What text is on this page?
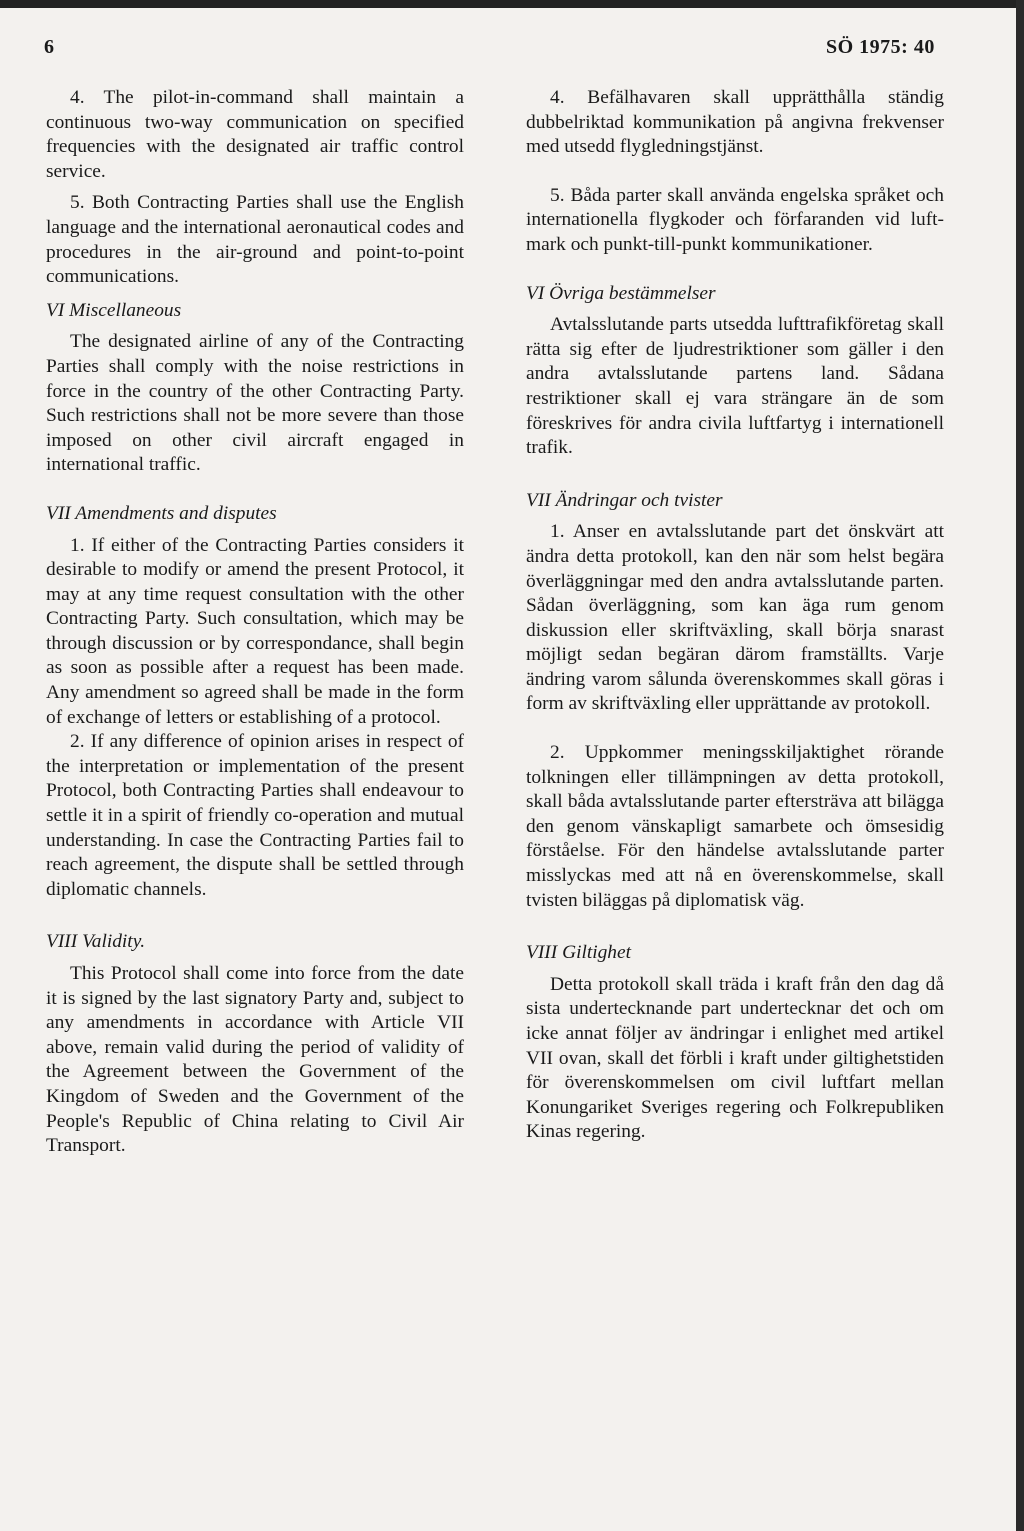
6	SÖ 1975: 40

4. The pilot-in-command shall maintain a continuous two-way communication on specified frequencies with the designated air traffic control service.

5. Both Contracting Parties shall use the English language and the international aeronautical codes and procedures in the air-ground and point-to-point communications.

VI Miscellaneous

The designated airline of any of the Contracting Parties shall comply with the noise restrictions in force in the country of the other Contracting Party. Such restrictions shall not be more severe than those imposed on other civil aircraft engaged in international traffic.

VII Amendments and disputes

1. If either of the Contracting Parties considers it desirable to modify or amend the present Protocol, it may at any time request consultation with the other Contracting Party. Such consultation, which may be through discussion or by correspondance, shall begin as soon as possible after a request has been made. Any amendment so agreed shall be made in the form of exchange of letters or establishing of a protocol.

2. If any difference of opinion arises in respect of the interpretation or implementation of the present Protocol, both Contracting Parties shall endeavour to settle it in a spirit of friendly co-operation and mutual understanding. In case the Contracting Parties fail to reach agreement, the dispute shall be settled through diplomatic channels.

VIII Validity.

This Protocol shall come into force from the date it is signed by the last signatory Party and, subject to any amendments in accordance with Article VII above, remain valid during the period of validity of the Agreement between the Government of the Kingdom of Sweden and the Government of the People's Republic of China relating to Civil Air Transport.

4. Befälhavaren skall upprätthålla ständig dubbelriktad kommunikation på angivna frekvenser med utsedd flygledningstjänst.

5. Båda parter skall använda engelska språket och internationella flygkoder och förfaranden vid luft-mark och punkt-till-punkt kommunikationer.

VI Övriga bestämmelser

Avtalsslutande parts utsedda lufttrafikföretag skall rätta sig efter de ljudrestriktioner som gäller i den andra avtalsslutande partens land. Sådana restriktioner skall ej vara strängare än de som föreskrives för andra civila luftfartyg i internationell trafik.

VII Ändringar och tvister

1. Anser en avtalsslutande part det önskvärt att ändra detta protokoll, kan den när som helst begära överläggningar med den andra avtalsslutande parten. Sådan överläggning, som kan äga rum genom diskussion eller skriftväxling, skall börja snarast möjligt sedan begäran därom framställts. Varje ändring varom sålunda överenskommes skall göras i form av skriftväxling eller upprättande av protokoll.

2. Uppkommer meningsskiljaktighet rörande tolkningen eller tillämpningen av detta protokoll, skall båda avtalsslutande parter eftersträva att bilägga den genom vänskapligt samarbete och ömsesidig förståelse. För den händelse avtalsslutande parter misslyckas med att nå en överenskommelse, skall tvisten biläggas på diplomatisk väg.

VIII Giltighet

Detta protokoll skall träda i kraft från den dag då sista undertecknande part undertecknar det och om icke annat följer av ändringar i enlighet med artikel VII ovan, skall det förbli i kraft under giltighetstiden för överenskommelsen om civil luftfart mellan Konungariket Sveriges regering och Folkrepubliken Kinas regering.
